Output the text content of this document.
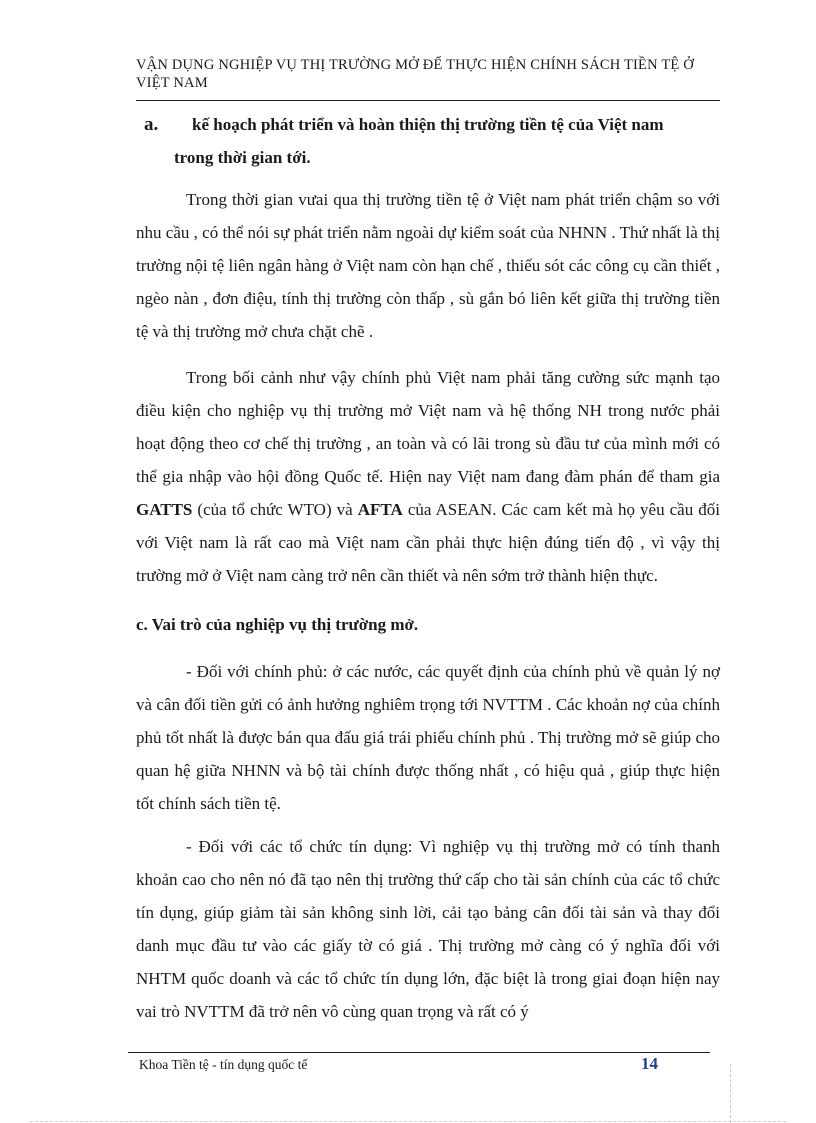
VẬN DỤNG NGHIỆP VỤ THỊ TRƯỜNG MỞ ĐỂ THỰC HIỆN CHÍNH SÁCH TIỀN TỆ Ở VIỆT NAM
a.	kế hoạch phát triển và hoàn thiện thị trường tiền tệ của Việt nam
trong thời gian tới.

Trong thời gian vưai qua thị trường tiền tệ ở Việt nam phát triển chậm so với nhu cầu , có thể nói sự phát triển nằm ngoài dự kiểm soát của NHNN . Thứ nhất là thị trường nội tệ liên ngân hàng ở Việt nam còn hạn chế , thiếu sót các công cụ cần thiết , ngèo nàn , đơn điệu, tính thị trường còn thấp , sù gắn bó liên kết giữa thị trường tiền tệ và thị trường mở chưa chặt chẽ .

Trong bối cảnh như vậy chính phủ Việt nam phải tăng cường sức mạnh tạo điều kiện cho nghiệp vụ thị trường mở Việt nam và hệ thống NH trong nước phải hoạt động theo cơ chế thị trường , an toàn và có lãi trong sù đầu tư của mình mới có thể gia nhập vào hội đồng Quốc tế. Hiện nay Việt nam đang đàm phán để tham gia GATTS (của tổ chức WTO) và AFTA của ASEAN. Các cam kết mà họ yêu cầu đối với Việt nam là rất cao mà Việt nam cần phải thực hiện đúng tiến độ , vì vậy thị trường mở ở Việt nam càng trở nên cần thiết và nên sớm trở thành hiện thực.

c. Vai trò của nghiệp vụ thị trường mở.

- Đối với chính phủ: ở các nước, các quyết định của chính phủ về quản lý nợ và cân đối tiền gửi có ảnh hưởng nghiêm trọng tới NVTTM . Các khoản nợ của chính phủ tốt nhất là được bán qua đấu giá trái phiếu chính phủ . Thị trường mở sẽ giúp cho quan hệ giữa NHNN và bộ tài chính được thống nhất , có hiệu quả , giúp thực hiện tốt chính sách tiền tệ.

- Đối với các tổ chức tín dụng: Vì nghiệp vụ thị trường mở có tính thanh khoản cao cho nên nó đã tạo nên thị trường thứ cấp cho tài sản chính của các tổ chức tín dụng, giúp giảm tài sản không sinh lời, cải tạo bảng cân đối tài sản và thay đổi danh mục đầu tư vào các giấy tờ có giá . Thị trường mở càng có ý nghĩa đối với NHTM quốc doanh và các tổ chức tín dụng lớn, đặc biệt là trong giai đoạn hiện nay vai trò NVTTM đã trở nên vô cùng quan trọng và rất có ý

Khoa Tiền tệ - tín dụng quốc tế	14
